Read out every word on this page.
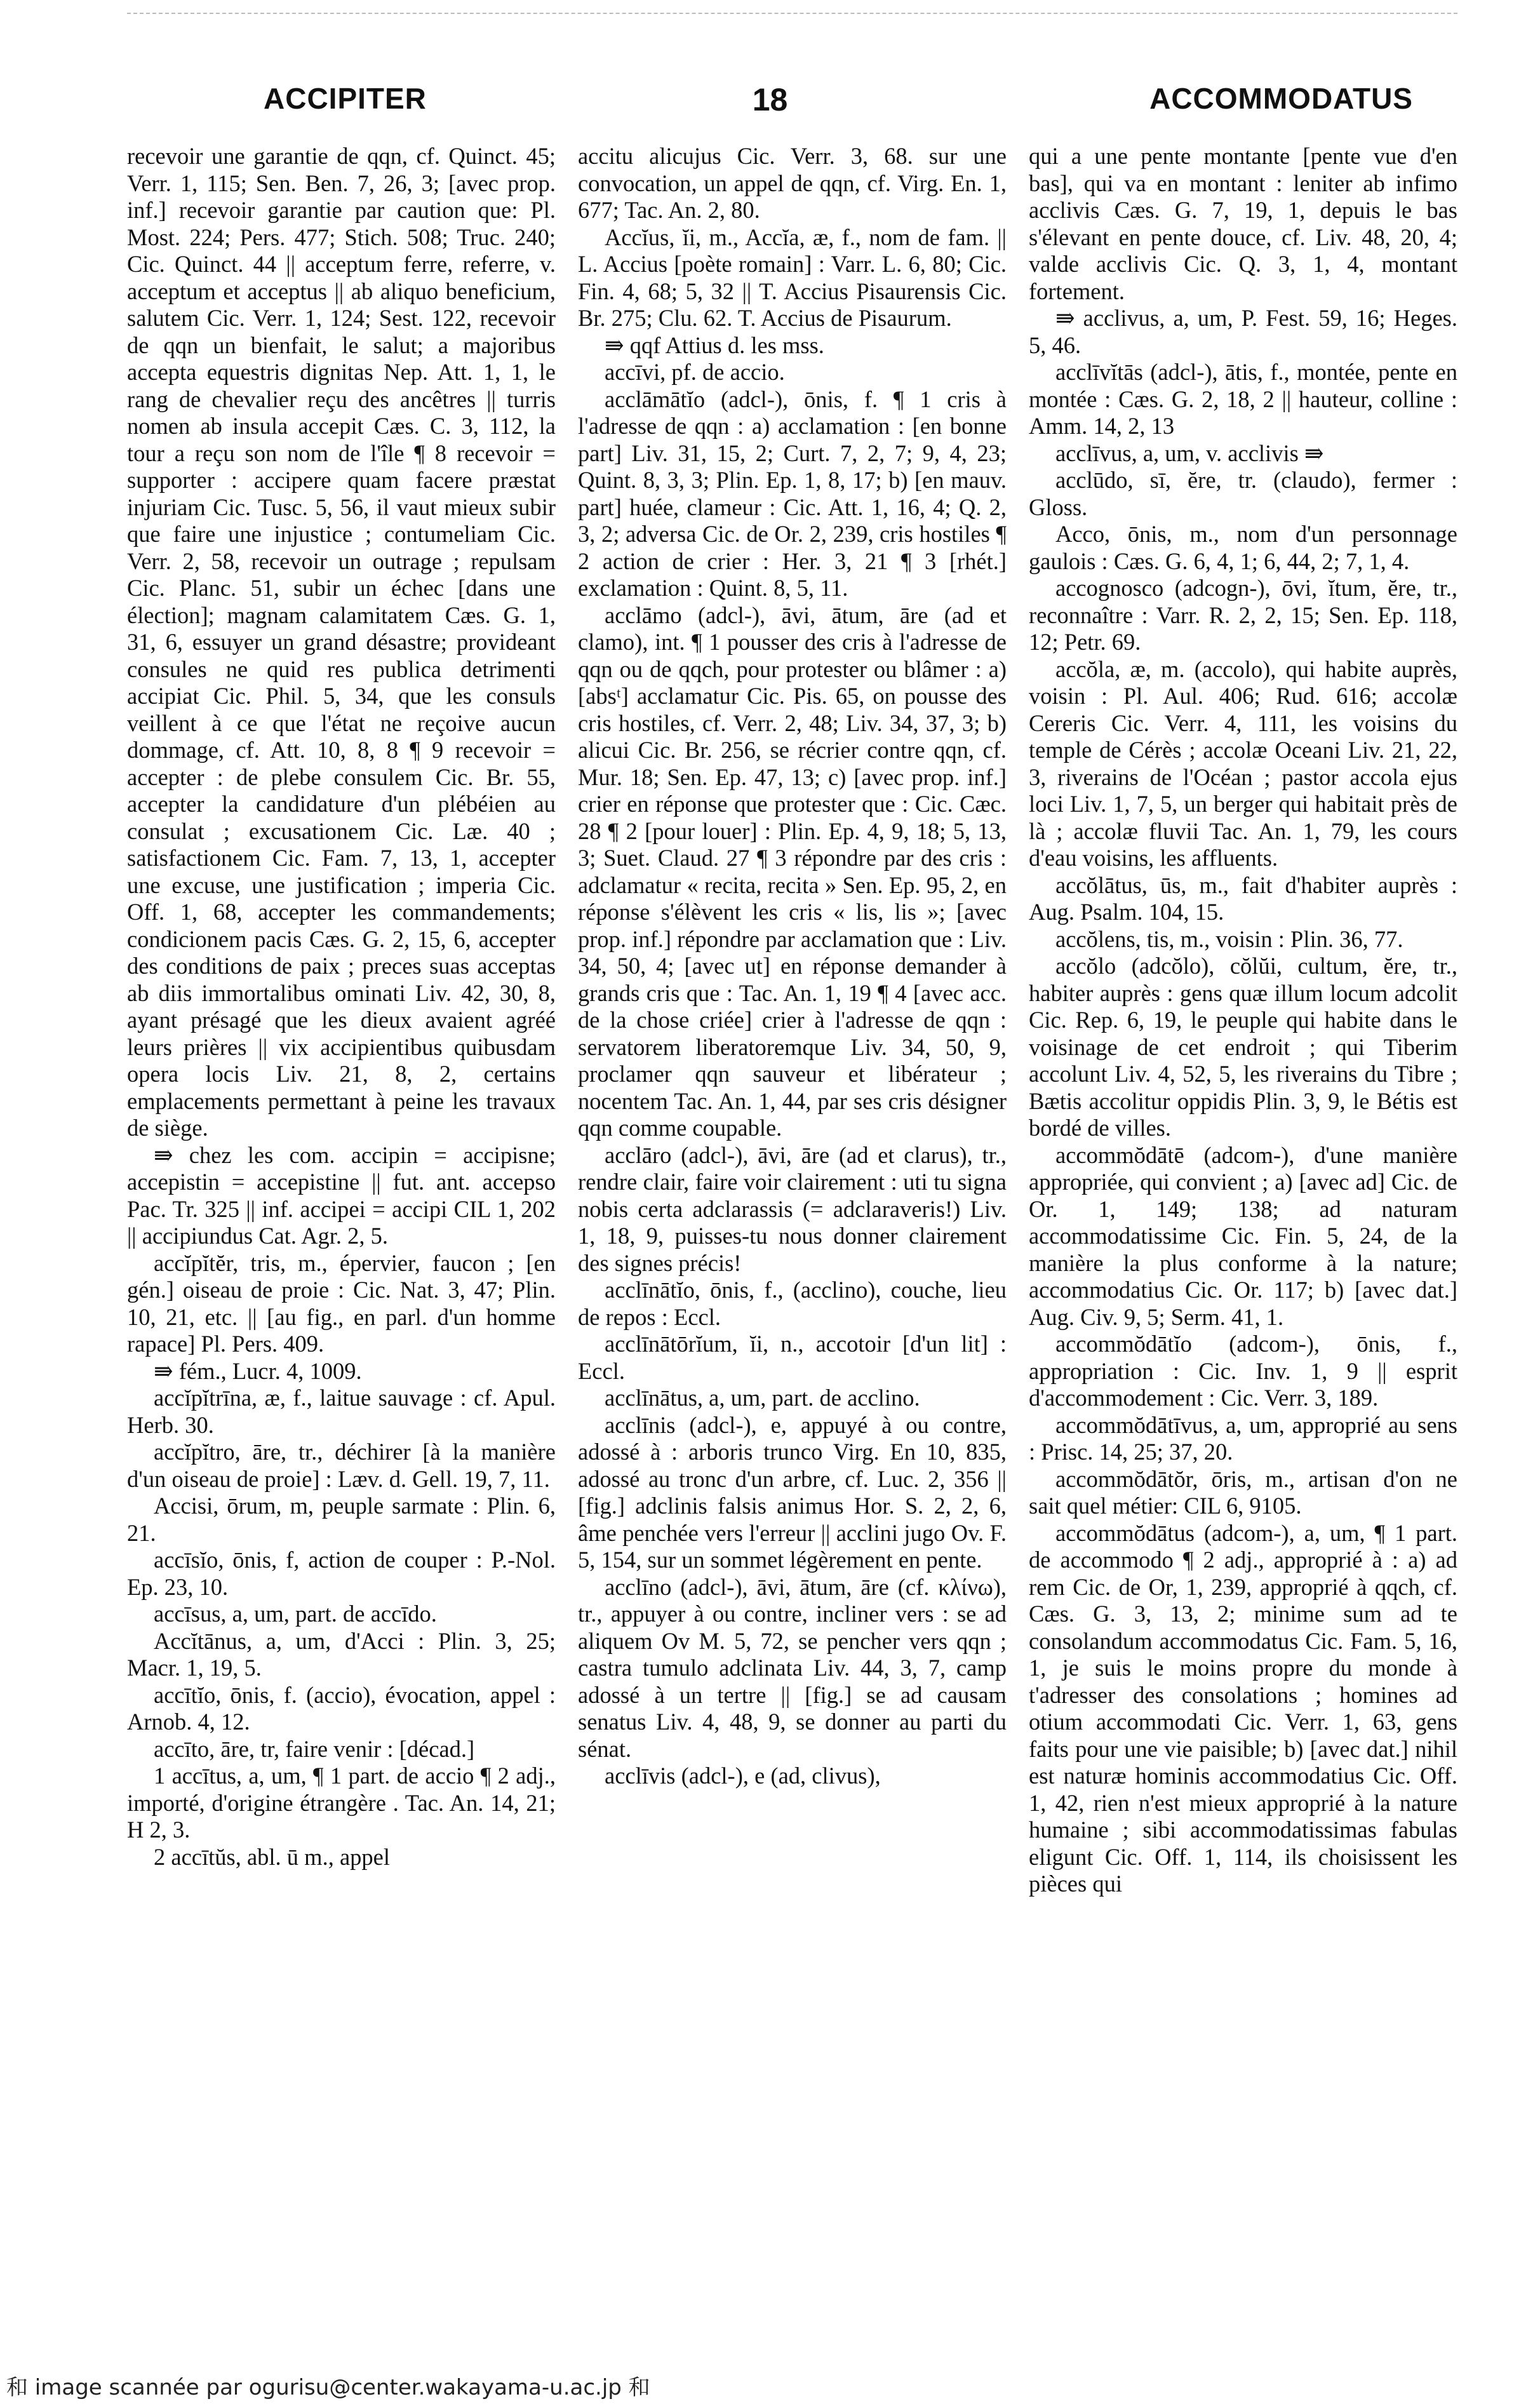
ACCIPITER	18	ACCOMMODATUS

recevoir une garantie de qqn, cf. Quinct. 45; Verr. 1, 115; Sen. Ben. 7, 26, 3; [avec prop. inf.] recevoir garantie par caution que: Pl. Most. 224; Pers. 477; Stich. 508; Truc. 240; Cic. Quinct. 44 || acceptum ferre, referre, v. acceptum et acceptus || ab aliquo beneficium, salutem Cic. Verr. 1, 124; Sest. 122, recevoir de qqn un bienfait, le salut; a majoribus accepta equestris dignitas Nep. Att. 1, 1, le rang de chevalier reçu des ancêtres || turris nomen ab insula accepit Cæs. C. 3, 112, la tour a reçu son nom de l'île ¶ 8 recevoir = supporter : accipere quam facere præstat injuriam Cic. Tusc. 5, 56, il vaut mieux subir que faire une injustice ; contumeliam Cic. Verr. 2, 58, recevoir un outrage ; repulsam Cic. Planc. 51, subir un échec [dans une élection]; magnam calamitatem Cæs. G. 1, 31, 6, essuyer un grand désastre; provideant consules ne quid res publica detrimenti accipiat Cic. Phil. 5, 34, que les consuls veillent à ce que l'état ne reçoive aucun dommage, cf. Att. 10, 8, 8 ¶ 9 recevoir = accepter : de plebe consulem Cic. Br. 55, accepter la candidature d'un plébéien au consulat ; excusationem Cic. Læ. 40 ; satisfactionem Cic. Fam. 7, 13, 1, accepter une excuse, une justification ; imperia Cic. Off. 1, 68, accepter les commandements; condicionem pacis Cæs. G. 2, 15, 6, accepter des conditions de paix ; preces suas acceptas ab diis immortalibus ominati Liv. 42, 30, 8, ayant présagé que les dieux avaient agréé leurs prières || vix accipientibus quibusdam opera locis Liv. 21, 8, 2, certains emplacements permettant à peine les travaux de siège.

⇛ chez les com. accipin = accipisne; accepistin = accepistine || fut. ant. accepso Pac. Tr. 325 || inf. accipei = accipi CIL 1, 202 || accipiundus Cat. Agr. 2, 5.

accĭpĭtĕr, tris, m., épervier, faucon ; [en gén.] oiseau de proie : Cic. Nat. 3, 47; Plin. 10, 21, etc. || [au fig., en parl. d'un homme rapace] Pl. Pers. 409.

⇛ fém., Lucr. 4, 1009.

accĭpĭtrīna, æ, f., laitue sauvage : cf. Apul. Herb. 30.

accĭpĭtro, āre, tr., déchirer [à la manière d'un oiseau de proie] : Læv. d. Gell. 19, 7, 11.

Accisi, ōrum, m, peuple sarmate : Plin. 6, 21.

accīsĭo, ōnis, f, action de couper : P.-Nol. Ep. 23, 10.

accīsus, a, um, part. de accīdo.

Accĭtānus, a, um, d'Acci : Plin. 3, 25; Macr. 1, 19, 5.

accītĭo, ōnis, f. (accio), évocation, appel : Arnob. 4, 12.

accīto, āre, tr, faire venir : [décad.]

1 accītus, a, um, ¶ 1 part. de accio ¶ 2 adj., importé, d'origine étrangère . Tac. An. 14, 21; H 2, 3.

2 accītŭs, abl. ū m., appel

accitu alicujus Cic. Verr. 3, 68. sur une convocation, un appel de qqn, cf. Virg. En. 1, 677; Tac. An. 2, 80.

Accĭus, ĭi, m., Accĭa, æ, f., nom de fam. || L. Accius [poète romain] : Varr. L. 6, 80; Cic. Fin. 4, 68; 5, 32 || T. Accius Pisaurensis Cic. Br. 275; Clu. 62. T. Accius de Pisaurum.

⇛ qqf Attius d. les mss.

accīvi, pf. de accio.

acclāmātĭo (adcl-), ōnis, f. ¶ 1 cris à l'adresse de qqn : a) acclamation : [en bonne part] Liv. 31, 15, 2; Curt. 7, 2, 7; 9, 4, 23; Quint. 8, 3, 3; Plin. Ep. 1, 8, 17; b) [en mauv. part] huée, clameur : Cic. Att. 1, 16, 4; Q. 2, 3, 2; adversa Cic. de Or. 2, 239, cris hostiles ¶ 2 action de crier : Her. 3, 21 ¶ 3 [rhét.] exclamation : Quint. 8, 5, 11.

acclāmo (adcl-), āvi, ātum, āre (ad et clamo), int. ¶ 1 pousser des cris à l'adresse de qqn ou de qqch, pour protester ou blâmer : a) [absᵗ] acclamatur Cic. Pis. 65, on pousse des cris hostiles, cf. Verr. 2, 48; Liv. 34, 37, 3; b) alicui Cic. Br. 256, se récrier contre qqn, cf. Mur. 18; Sen. Ep. 47, 13; c) [avec prop. inf.] crier en réponse que protester que : Cic. Cæc. 28 ¶ 2 [pour louer] : Plin. Ep. 4, 9, 18; 5, 13, 3; Suet. Claud. 27 ¶ 3 répondre par des cris : adclamatur « recita, recita » Sen. Ep. 95, 2, en réponse s'élèvent les cris « lis, lis »; [avec prop. inf.] répondre par acclamation que : Liv. 34, 50, 4; [avec ut] en réponse demander à grands cris que : Tac. An. 1, 19 ¶ 4 [avec acc. de la chose criée] crier à l'adresse de qqn : servatorem liberatoremque Liv. 34, 50, 9, proclamer qqn sauveur et libérateur ; nocentem Tac. An. 1, 44, par ses cris désigner qqn comme coupable.

acclāro (adcl-), āvi, āre (ad et clarus), tr., rendre clair, faire voir clairement : uti tu signa nobis certa adclarassis (= adclaraveris!) Liv. 1, 18, 9, puisses-tu nous donner clairement des signes précis!

acclīnātĭo, ōnis, f., (acclino), couche, lieu de repos : Eccl.

acclīnātōrĭum, ĭi, n., accotoir [d'un lit] : Eccl.

acclīnātus, a, um, part. de acclino.

acclīnis (adcl-), e, appuyé à ou contre, adossé à : arboris trunco Virg. En 10, 835, adossé au tronc d'un arbre, cf. Luc. 2, 356 || [fig.] adclinis falsis animus Hor. S. 2, 2, 6, âme penchée vers l'erreur || acclini jugo Ov. F. 5, 154, sur un sommet légèrement en pente.

acclīno (adcl-), āvi, ātum, āre (cf. κλίνω), tr., appuyer à ou contre, incliner vers : se ad aliquem Ov M. 5, 72, se pencher vers qqn ; castra tumulo adclinata Liv. 44, 3, 7, camp adossé à un tertre || [fig.] se ad causam senatus Liv. 4, 48, 9, se donner au parti du sénat.

acclīvis (adcl-), e (ad, clivus),

qui a une pente montante [pente vue d'en bas], qui va en montant : leniter ab infimo acclivis Cæs. G. 7, 19, 1, depuis le bas s'élevant en pente douce, cf. Liv. 48, 20, 4; valde acclivis Cic. Q. 3, 1, 4, montant fortement.

⇛ acclivus, a, um, P. Fest. 59, 16; Heges. 5, 46.

acclīvĭtās (adcl-), ātis, f., montée, pente en montée : Cæs. G. 2, 18, 2 || hauteur, colline : Amm. 14, 2, 13

acclīvus, a, um, v. acclivis ⇛

acclūdo, sī, ĕre, tr. (claudo), fermer : Gloss.

Acco, ōnis, m., nom d'un personnage gaulois : Cæs. G. 6, 4, 1; 6, 44, 2; 7, 1, 4.

accognosco (adcogn-), ōvi, ĭtum, ĕre, tr., reconnaître : Varr. R. 2, 2, 15; Sen. Ep. 118, 12; Petr. 69.

accŏla, æ, m. (accolo), qui habite auprès, voisin : Pl. Aul. 406; Rud. 616; accolæ Cereris Cic. Verr. 4, 111, les voisins du temple de Cérès ; accolæ Oceani Liv. 21, 22, 3, riverains de l'Océan ; pastor accola ejus loci Liv. 1, 7, 5, un berger qui habitait près de là ; accolæ fluvii Tac. An. 1, 79, les cours d'eau voisins, les affluents.

accŏlātus, ūs, m., fait d'habiter auprès : Aug. Psalm. 104, 15.

accŏlens, tis, m., voisin : Plin. 36, 77.

accŏlo (adcŏlo), cŏlŭi, cultum, ĕre, tr., habiter auprès : gens quæ illum locum adcolit Cic. Rep. 6, 19, le peuple qui habite dans le voisinage de cet endroit ; qui Tiberim accolunt Liv. 4, 52, 5, les riverains du Tibre ; Bætis accolitur oppidis Plin. 3, 9, le Bétis est bordé de villes.

accommŏdātē (adcom-), d'une manière appropriée, qui convient ; a) [avec ad] Cic. de Or. 1, 149; 138; ad naturam accommodatissime Cic. Fin. 5, 24, de la manière la plus conforme à la nature; accommodatius Cic. Or. 117; b) [avec dat.] Aug. Civ. 9, 5; Serm. 41, 1.

accommŏdātĭo (adcom-), ōnis, f., appropriation : Cic. Inv. 1, 9 || esprit d'accommodement : Cic. Verr. 3, 189.

accommŏdātīvus, a, um, approprié au sens : Prisc. 14, 25; 37, 20.

accommŏdātŏr, ōris, m., artisan d'on ne sait quel métier: CIL 6, 9105.

accommŏdātus (adcom-), a, um, ¶ 1 part. de accommodo ¶ 2 adj., approprié à : a) ad rem Cic. de Or, 1, 239, approprié à qqch, cf. Cæs. G. 3, 13, 2; minime sum ad te consolandum accommodatus Cic. Fam. 5, 16, 1, je suis le moins propre du monde à t'adresser des consolations ; homines ad otium accommodati Cic. Verr. 1, 63, gens faits pour une vie paisible; b) [avec dat.] nihil est naturæ hominis accommodatius Cic. Off. 1, 42, rien n'est mieux approprié à la nature humaine ; sibi accommodatissimas fabulas eligunt Cic. Off. 1, 114, ils choisissent les pièces qui

和 image scannée par ogurisu@center.wakayama-u.ac.jp 和
